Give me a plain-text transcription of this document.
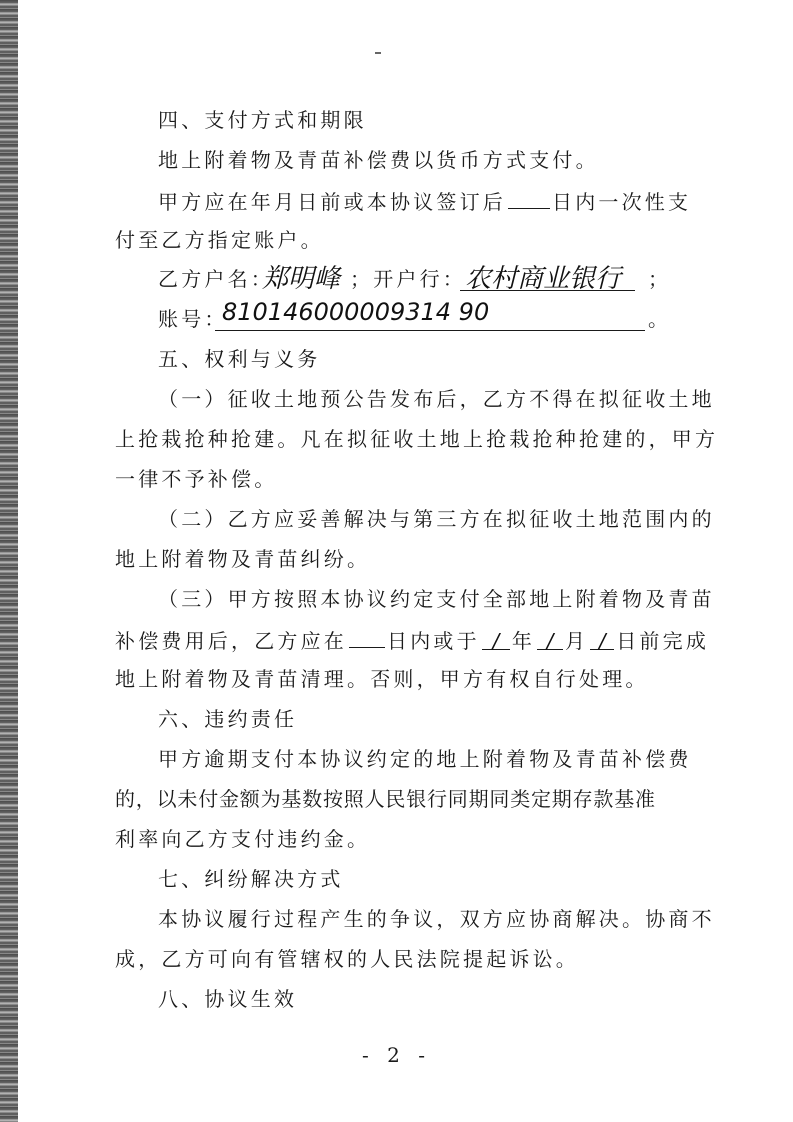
四、支付方式和期限
地上附着物及青苗补偿费以货币方式支付。
甲方应在年月日前或本协议签订后 日内一次性支
付至乙方指定账户。
乙方户名：
郑明峰 ；开户行： 农村商业银行 ；
账号：
810146000009314 90	。
五、权利与义务
（一）征收土地预公告发布后，乙方不得在拟征收土地
上抢栽抢种抢建。凡在拟征收土地上抢栽抢种抢建的，甲方
一律不予补偿。
（二）乙方应妥善解决与第三方在拟征收土地范围内的
地上附着物及青苗纠纷。
（三）甲方按照本协议约定支付全部地上附着物及青苗
补偿费用后，乙方应在 日内或于 / 年 / 月 / 日前完成
地上附着物及青苗清理。否则，甲方有权自行处理。
六、违约责任
甲方逾期支付本协议约定的地上附着物及青苗补偿费
的，以未付金额为基数按照人民银行同期同类定期存款基准
利率向乙方支付违约金。
七、纠纷解决方式
本协议履行过程产生的争议，双方应协商解决。协商不
成，乙方可向有管辖权的人民法院提起诉讼。
八、协议生效
- 2 -
